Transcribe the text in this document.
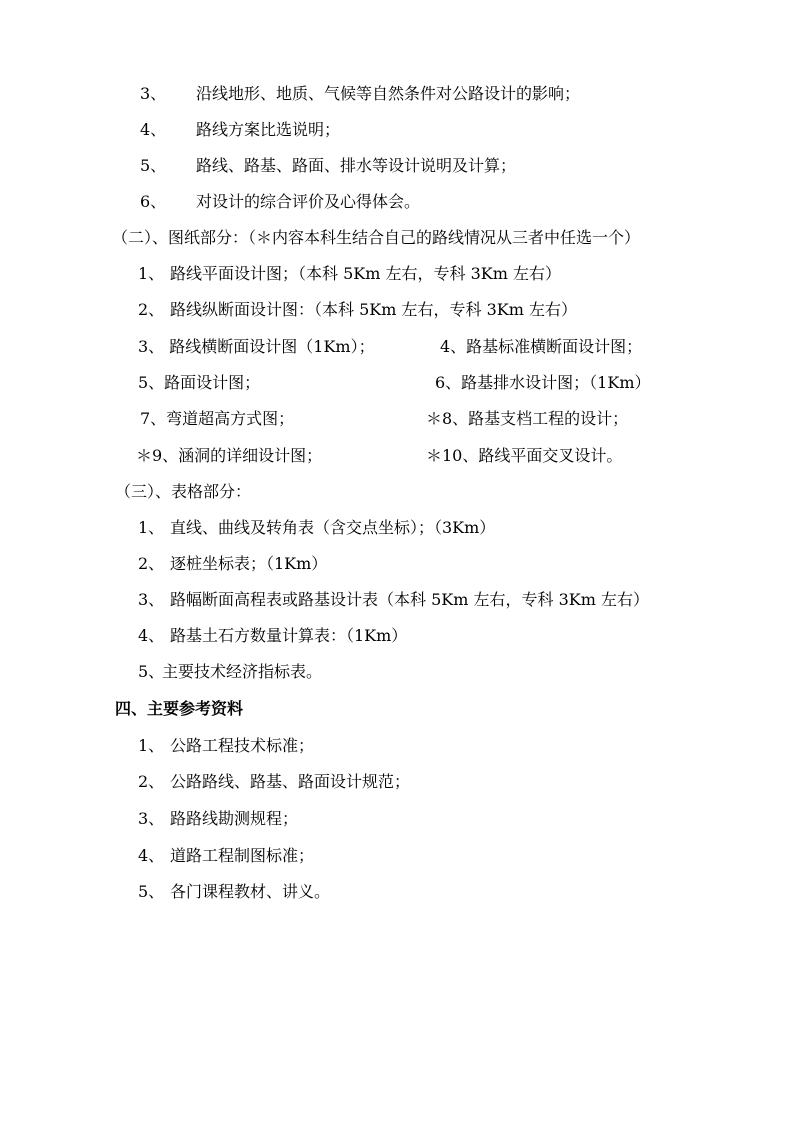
3、 沿线地形、地质、气候等自然条件对公路设计的影响；
4、 路线方案比选说明；
5、 路线、路基、路面、排水等设计说明及计算；
6、 对设计的综合评价及心得体会。
（二）、图纸部分：（＊内容本科生结合自己的路线情况从三者中任选一个）
1、 路线平面设计图；（本科 5Km 左右，专科 3Km 左右）
2、 路线纵断面设计图：（本科 5Km 左右，专科 3Km 左右）
3、 路线横断面设计图（1Km）；	4、路基标准横断面设计图；
5、路面设计图；	6、路基排水设计图；（1Km）
7、弯道超高方式图；	＊8、路基支档工程的设计；
＊9、涵洞的详细设计图；	＊10、路线平面交叉设计。
（三）、表格部分：
1、 直线、曲线及转角表（含交点坐标）；（3Km）
2、 逐桩坐标表；（1Km）
3、 路幅断面高程表或路基设计表（本科 5Km 左右，专科 3Km 左右）
4、 路基土石方数量计算表：（1Km）
5、主要技术经济指标表。
四、主要参考资料
1、 公路工程技术标准；
2、 公路路线、路基、路面设计规范；
3、 路路线勘测规程；
4、 道路工程制图标准；
5、 各门课程教材、讲义。
